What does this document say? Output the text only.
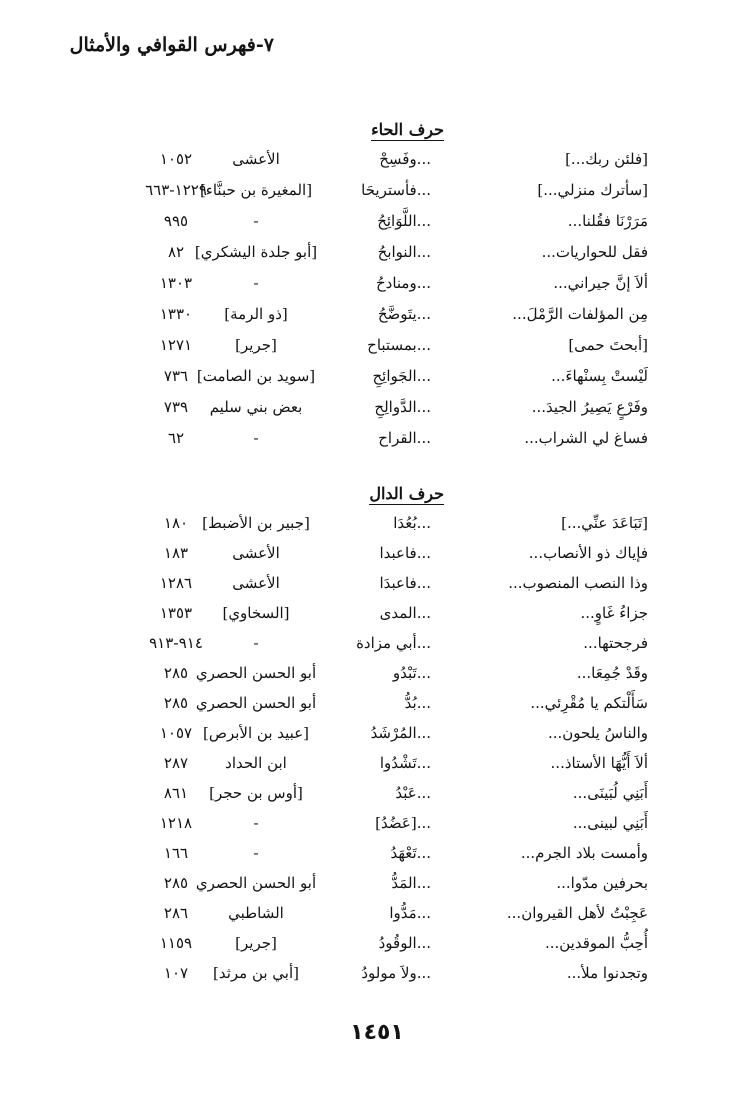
٧-فهرس القوافي والأمثال
حرف الحاء
[فلئن ربك...]
...وفَسِحْ
الأعشى
١٠٥٢
[سأترك منزلي...]
...فأستريحَا
[المغيرة بن حبنَّاء]
١٢٢٩-٦٦٣
مَرَرْنَا فقُلنا...
...اللَّوَائِحُ
-
٩٩٥
فقل للحواريات...
...النوابحُ
[أبو جلدة اليشكري]
٨٢
ألاَ إنَّ جيراني...
...ومنادحُ
-
١٣٠٣
مِن المؤلفات الرَّمْلَ...
...يتَوضَّحُ
[ذو الرمة]
١٣٣٠
[أبحتَ حمى]
...بمستباح
[جرير]
١٢٧١
لَيْستْ بِسنْهاءَ...
...الجَوائِحِ
[سويد بن الصامت]
٧٣٦
وفَرْعٍ يَصِيرُ الجيدَ...
...الدَّوالِحِ
بعض بني سليم
٧٣٩
فساغ لي الشراب...
...القراح
-
٦٢
حرف الدال
[تَبَاعَدَ عنِّي...]
...بُعُدَا
[جبير بن الأضبط]
١٨٠
فإياك ذو الأنصاب...
...فاعبدا
الأعشى
١٨٣
وذا النصب المنصوب...
...فاعبدَا
الأعشى
١٢٨٦
جزاءُ غَاوٍ...
...المدى
[السخاوي]
١٣٥٣
فرجحتها...
...أبي مزادة
-
٩١٤-٩١٣
وقَدْ جُمِعَا...
...تَبْدُو
أبو الحسن الحصري
٢٨٥
سَأَلْتكم يا مُقْرِئي...
...بُدُّ
أبو الحسن الحصري
٢٨٥
والناسُ يلحون...
...المُرْشَدُ
[عبيد بن الأبرص]
١٠٥٧
ألاَ أَيُّهَا الأستاذ...
...تَشْدُوا
ابن الحداد
٢٨٧
أَبَنِي لُبَينَى...
...عَبْدُ
[أوس بن حجر]
٨٦١
أَبَنِي لبينى...
...[عَضُدُ]
-
١٢١٨
وأمست بلاد الجرم...
...تَعْهَدُ
-
١٦٦
بحرفين مدّوا...
...المَدُّ
أبو الحسن الحصري
٢٨٥
عَجِبْتُ لأهل القيروان...
...مَدُّوا
الشاطبي
٢٨٦
أُحِبُّ الموقدين...
...الوقُودُ
[جرير]
١١٥٩
وتجدنوا ملأ...
...ولاَ مولودُ
[أبي بن مرثد]
١٠٧
١٤٥١
